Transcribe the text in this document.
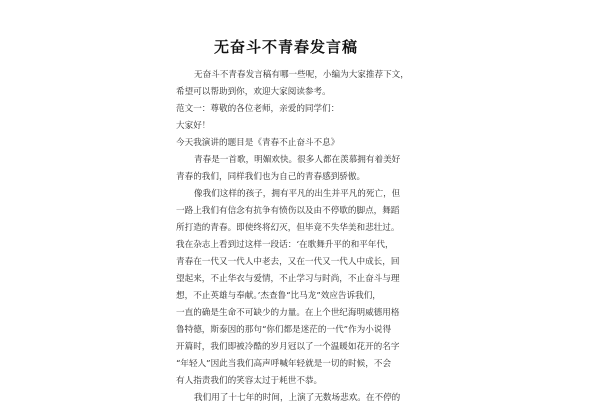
无奋斗不青春发言稿

无奋斗不青春发言稿有哪一些呢，小编为大家推荐下文，

希望可以帮助到你，欢迎大家阅读参考。

范文一：尊敬的各位老师，亲爱的同学们：

大家好！

今天我演讲的题目是《青春不止奋斗不息》

青春是一首歌，明媚欢快。很多人都在羡慕拥有着美好

青春的我们，同样我们也为自己的青春感到骄傲。

像我们这样的孩子，拥有平凡的出生并平凡的死亡，但

一路上我们有信念有抗争有愤伤以及由不停歇的脚点，舞蹈

所打造的青春。即使终将幻灭，但毕竟不失华美和悲壮过。

我在杂志上看到过这样一段话：‘在歌舞升平的和平年代，

青春在一代又一代人中老去，又在一代又一代人中成长，回

望起来，不止华衣与爱情，不止学习与时尚，不止奋斗与理

想，不止英雄与奉献。’杰查鲁“比马龙”效应告诉我们，

一直的确是生命不可缺少的力量。在上个世纪海明威德用格

鲁特德，斯泰因的那句“你们都是迷茫的一代”作为小说得

开篇时，我们即被冷酷的岁月冠以了一个温暖如花开的名字

“年轻人”因此当我们高声呼喊年轻就是一切的时候，不会

有人指责我们的笑容太过于耗世不恭。

我们用了十七年的时间，上演了无数场悲欢。在不停的
